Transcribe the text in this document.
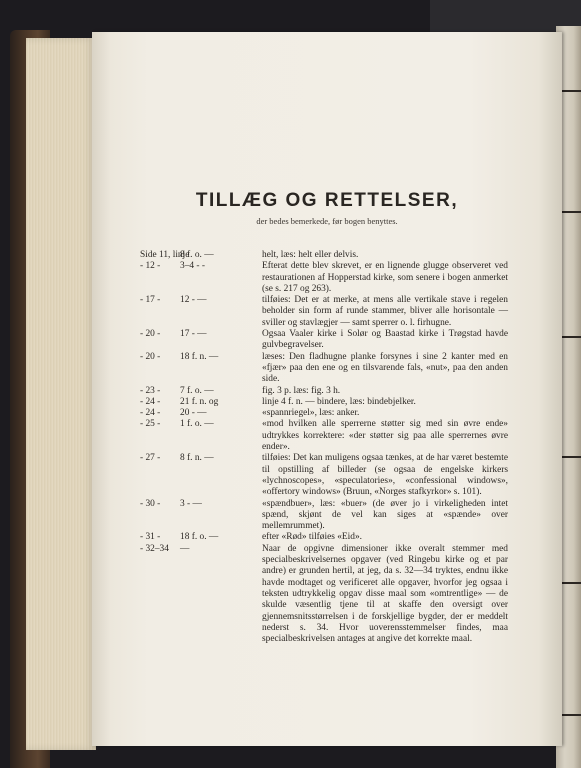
TILLÆG OG RETTELSER,
der bedes bemerkede, før bogen benyttes.
Side 11, linje8 f. o. —	helt, læs: helt eller delvis.
- 12 - 3–4 - -	Efterat dette blev skrevet, er en lignende glugge observeret ved restaurationen af Hopperstad kirke, som senere i bogen anmerket (se s. 217 og 263).
- 17 - 12 - —	tilføies: Det er at merke, at mens alle vertikale stave i regelen beholder sin form af runde stammer, bliver alle horisontale — sviller og stavlægjer — samt sperrer o. l. firhugne.
- 20 - 17 - —	Ogsaa Vaaler kirke i Solør og Baastad kirke i Trøgstad havde gulvbegravelser.
- 20 - 18 f. n. —	læses: Den fladhugne planke forsynes i sine 2 kanter med en «fjær» paa den ene og en tilsvarende fals, «nut», paa den anden side.
- 23 - 7 f. o. —	fig. 3 p. læs: fig. 3 h.
- 24 - 21 f. n. og	linje 4 f. n. — bindere, læs: bindebjelker.
- 24 - 20 - —	«spannriegel», læs: anker.
- 25 - 1 f. o. —	«mod hvilken alle sperrerne støtter sig med sin øvre ende» udtrykkes korrektere: «der støtter sig paa alle sperrernes øvre ender».
- 27 - 8 f. n. —	tilføies: Det kan muligens ogsaa tænkes, at de har været bestemte til opstilling af billeder (se ogsaa de engelske kirkers «lychnoscopes», «speculatories», «confessional windows», «offertory windows» (Bruun, «Norges stafkyrkor» s. 101).
- 30 - 3 - —	«spændbuer», læs: «buer» (de øver jo i virkeligheden intet spænd, skjønt de vel kan siges at «spænde» over mellemrummet).
- 31 - 18 f. o. —	efter «Rød» tilføies «Eid».
- 32–34 —	Naar de opgivne dimensioner ikke overalt stemmer med specialbeskrivelsernes opgaver (ved Ringebu kirke og et par andre) er grunden hertil, at jeg, da s. 32—34 tryktes, endnu ikke havde modtaget og verificeret alle opgaver, hvorfor jeg ogsaa i teksten udtrykkelig opgav disse maal som «omtrentlige» — de skulde væsentlig tjene til at skaffe den oversigt over gjennemsnitsstørrelsen i de forskjellige bygder, der er meddelt nederst s. 34. Hvor uoverensstemmelser findes, maa specialbeskrivelsen antages at angive det korrekte maal.
